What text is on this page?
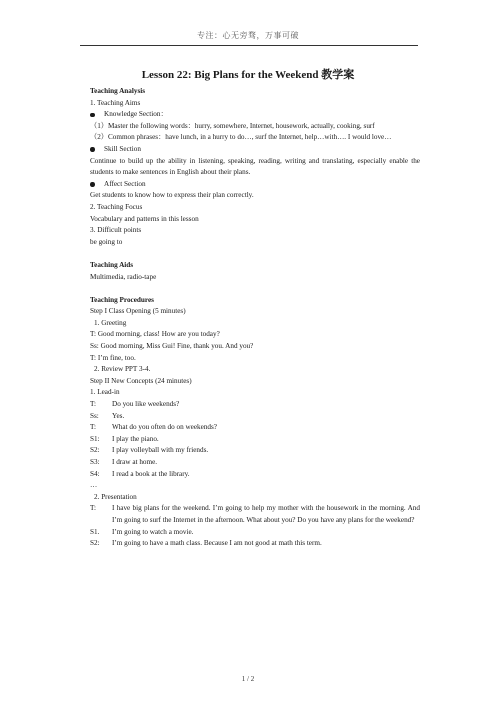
专注：心无旁骛，万事可破
Lesson 22: Big Plans for the Weekend 教学案
Teaching Analysis
1. Teaching Aims
Knowledge Section：
（1）Master the following words：hurry, somewhere, Internet, housework, actually, cooking, surf
（2）Common phrases：have lunch, in a hurry to do…, surf the Internet, help…with…. I would love…
Skill Section
Continue to build up the ability in listening, speaking, reading, writing and translating, especially enable the students to make sentences in English about their plans.
Affect Section
Get students to know how to express their plan correctly.
2. Teaching Focus
Vocabulary and patterns in this lesson
3. Difficult points
be going to
Teaching Aids
Multimedia, radio-tape
Teaching Procedures
Step I Class Opening (5 minutes)
1. Greeting
T: Good morning, class! How are you today?
Ss: Good morning, Miss Gui! Fine, thank you. And you?
T: I’m fine, too.
2. Review PPT 3-4.
Step II New Concepts (24 minutes)
1. Lead-in
T:	Do you like weekends?
Ss:	Yes.
T:	What do you often do on weekends?
S1:	I play the piano.
S2:	I play volleyball with my friends.
S3:	I draw at home.
S4:	I read a book at the library.
…
2. Presentation
T:	I have big plans for the weekend. I’m going to help my mother with the housework in the morning. And I’m going to surf the Internet in the afternoon. What about you? Do you have any plans for the weekend?
S1.	I’m going to watch a movie.
S2:	I’m going to have a math class. Because I am not good at math this term.
1 / 2
